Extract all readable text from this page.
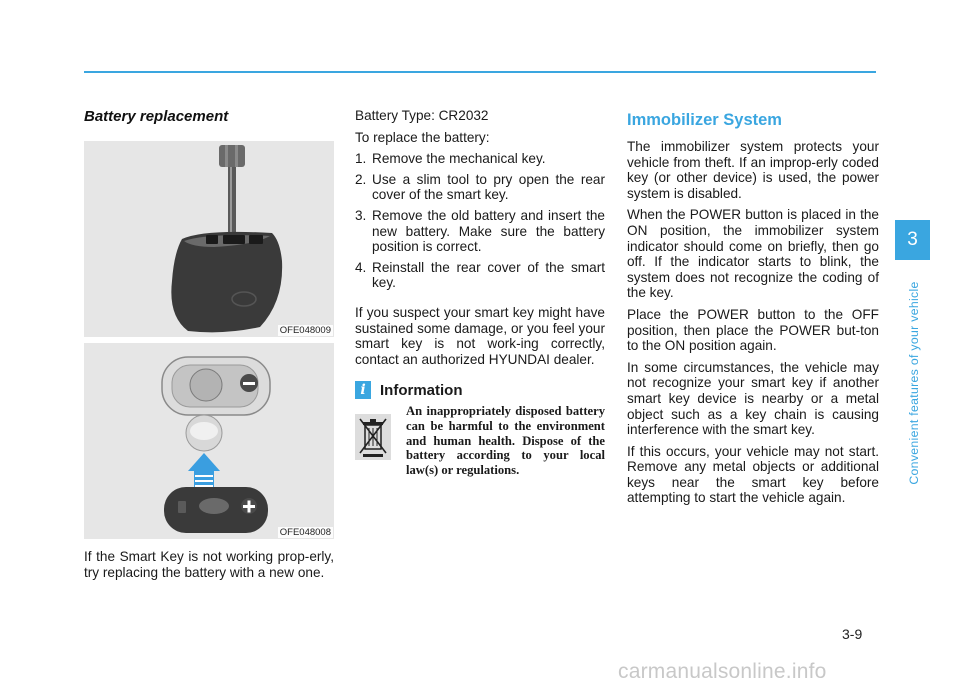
Battery replacement
OFE048009
OFE048008

If the Smart Key is not working prop-erly, try replacing the battery with a new one.

Battery Type: CR2032

To replace the battery:

1. Remove the mechanical key.
2. Use a slim tool to pry open the rear cover of the smart key.
3. Remove the old battery and insert the new battery. Make sure the battery position is correct.
4. Reinstall the rear cover of the smart key.

If you suspect your smart key might have sustained some damage, or you feel your smart key is not work-ing correctly, contact an authorized HYUNDAI dealer.

i Information
An inappropriately disposed battery can be harmful to the environment and human health. Dispose of the battery according to your local law(s) or regulations.
Immobilizer System

The immobilizer system protects your vehicle from theft. If an improp-erly coded key (or other device) is used, the power system is disabled.

When the POWER button is placed in the ON position, the immobilizer system indicator should come on briefly, then go off. If the indicator starts to blink, the system does not recognize the coding of the key.

Place the POWER button to the OFF position, then place the POWER but-ton to the ON position again.

In some circumstances, the vehicle may not recognize your smart key if another smart key device is nearby or a metal object such as a key chain is causing interference with the smart key.

If this occurs, your vehicle may not start. Remove any metal objects or additional keys near the smart key before attempting to start the vehicle again.

3
Convenient features of your vehicle
3-9
carmanualsonline.info
